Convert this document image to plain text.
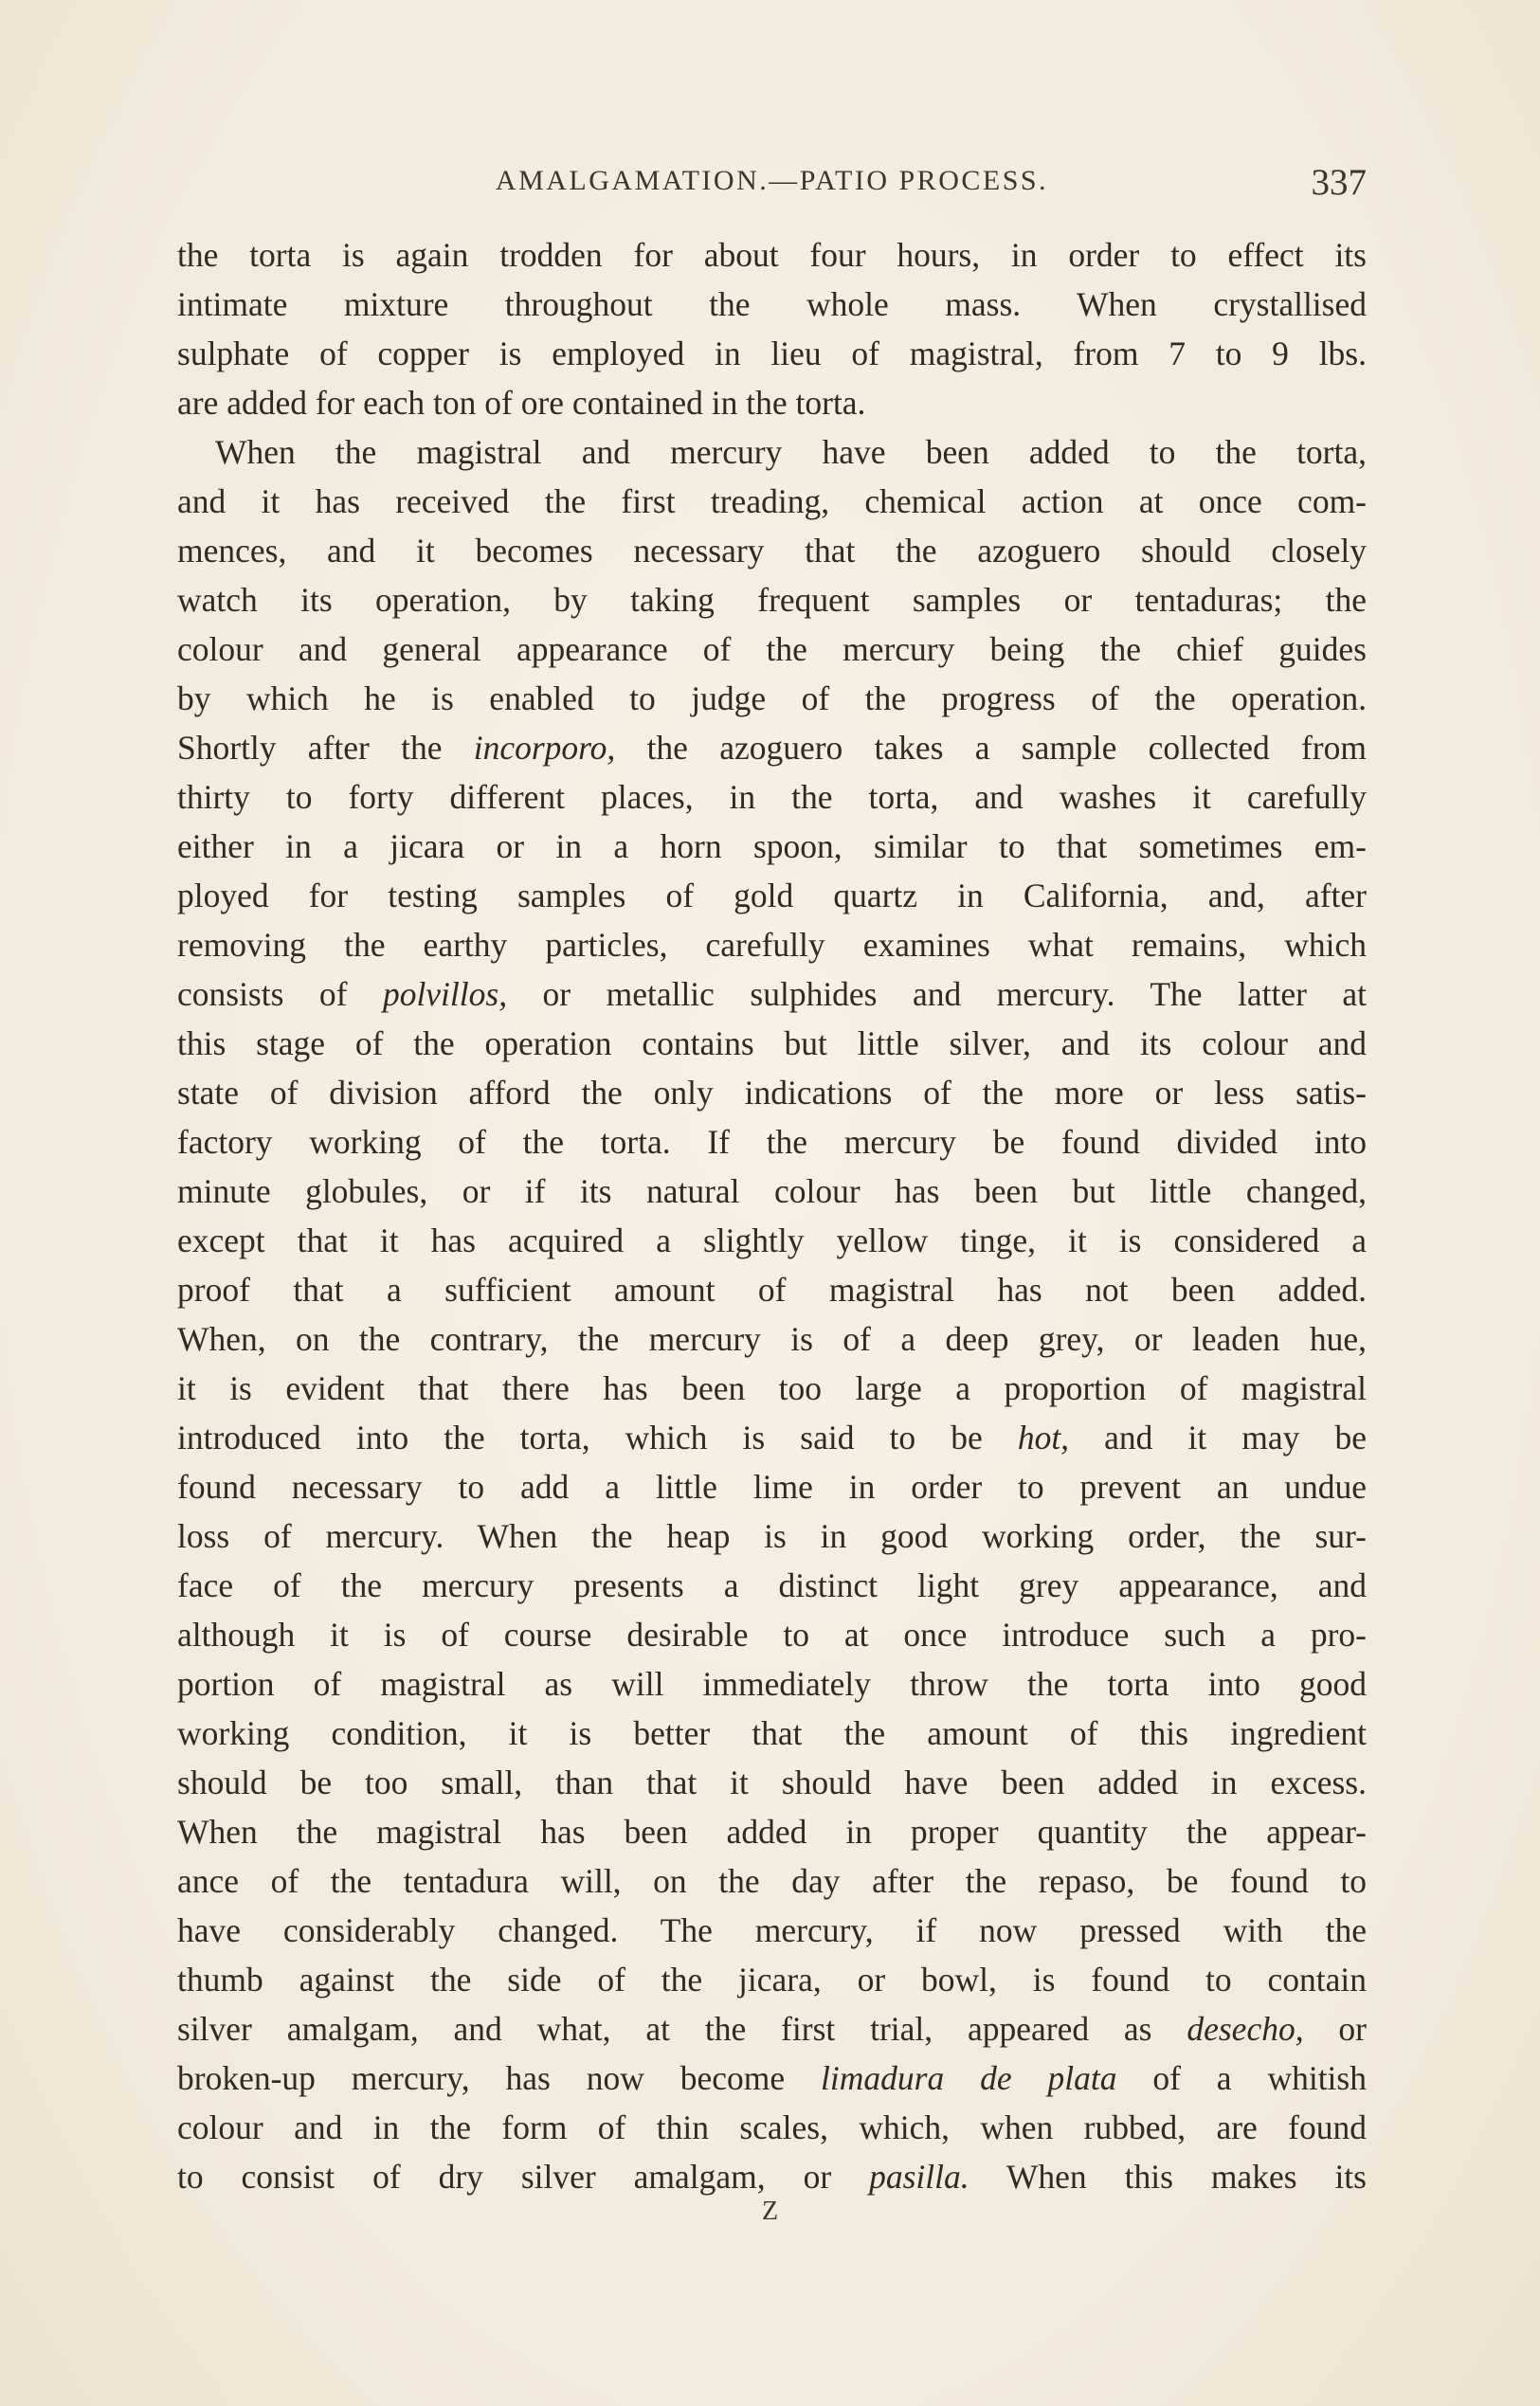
AMALGAMATION.—PATIO PROCESS.	337
the torta is again trodden for about four hours, in order to effect its
intimate mixture throughout the whole mass. When crystallised
sulphate of copper is employed in lieu of magistral, from 7 to 9 lbs.
are added for each ton of ore contained in the torta.
When the magistral and mercury have been added to the torta,
and it has received the first treading, chemical action at once com-
mences, and it becomes necessary that the azoguero should closely
watch its operation, by taking frequent samples or tentaduras; the
colour and general appearance of the mercury being the chief guides
by which he is enabled to judge of the progress of the operation.
Shortly after the incorporo, the azoguero takes a sample collected from
thirty to forty different places, in the torta, and washes it carefully
either in a jicara or in a horn spoon, similar to that sometimes em-
ployed for testing samples of gold quartz in California, and, after
removing the earthy particles, carefully examines what remains, which
consists of polvillos, or metallic sulphides and mercury. The latter at
this stage of the operation contains but little silver, and its colour and
state of division afford the only indications of the more or less satis-
factory working of the torta. If the mercury be found divided into
minute globules, or if its natural colour has been but little changed,
except that it has acquired a slightly yellow tinge, it is considered a
proof that a sufficient amount of magistral has not been added.
When, on the contrary, the mercury is of a deep grey, or leaden hue,
it is evident that there has been too large a proportion of magistral
introduced into the torta, which is said to be hot, and it may be
found necessary to add a little lime in order to prevent an undue
loss of mercury. When the heap is in good working order, the sur-
face of the mercury presents a distinct light grey appearance, and
although it is of course desirable to at once introduce such a pro-
portion of magistral as will immediately throw the torta into good
working condition, it is better that the amount of this ingredient
should be too small, than that it should have been added in excess.
When the magistral has been added in proper quantity the appear-
ance of the tentadura will, on the day after the repaso, be found to
have considerably changed. The mercury, if now pressed with the
thumb against the side of the jicara, or bowl, is found to contain
silver amalgam, and what, at the first trial, appeared as desecho, or
broken-up mercury, has now become limadura de plata of a whitish
colour and in the form of thin scales, which, when rubbed, are found
to consist of dry silver amalgam, or pasilla. When this makes its
Z
